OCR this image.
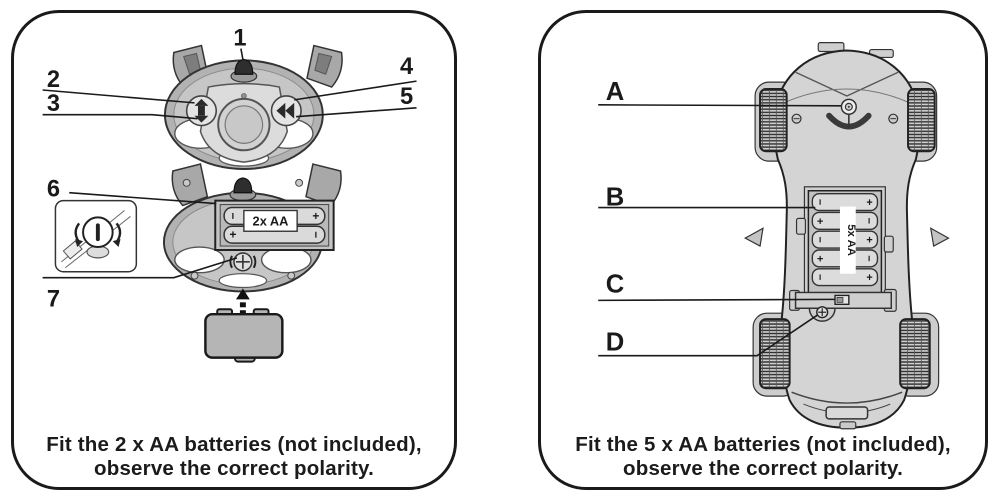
1
2
3
4
5
−	+
+	−
2x AA
6
7
Fit the 2 x AA batteries (not included),
observe the correct polarity.
−	+
+	−
−	+
+	−
−	+
5x AA
A
B
C
D
Fit the 5 x AA batteries (not included),
observe the correct polarity.
